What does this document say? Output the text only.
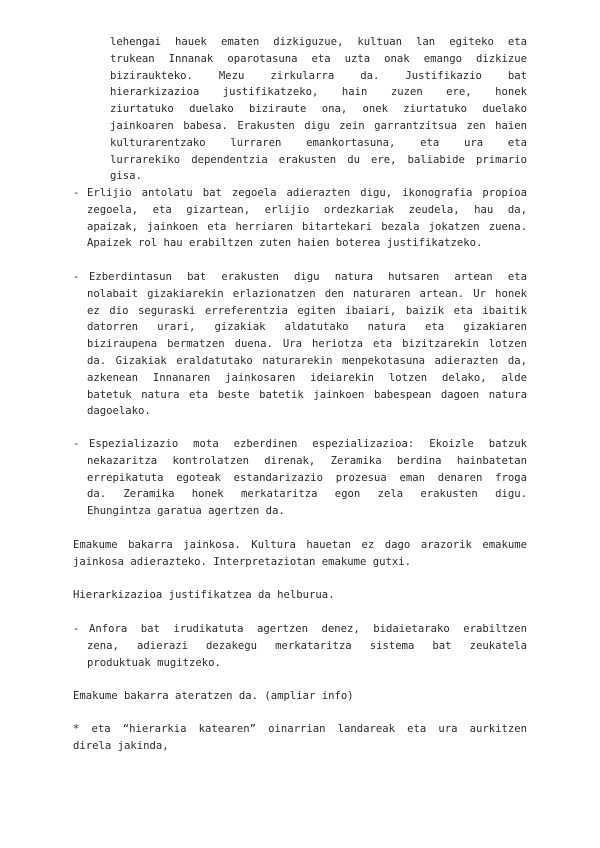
lehengai hauek ematen dizkiguzue, kultuan lan egiteko eta
trukean Innanak oparotasuna eta uzta onak emango dizkizue
biziraukteko. Mezu zirkularra da. Justifikazio bat
hierarkizazioa justifikatzeko, hain zuzen ere, honek
ziurtatuko duelako biziraute ona, onek ziurtatuko duelako
jainkoaren babesa. Erakusten digu zein garrantzitsua zen haien
kulturarentzako lurraren emankortasuna, eta ura eta
lurrarekiko dependentzia erakusten du ere, baliabide primario
gisa.
- Erlijio antolatu bat zegoela adierazten digu, ikonografia propioa
zegoela, eta gizartean, erlijio ordezkariak zeudela, hau da,
apaizak, jainkoen eta herriaren bitartekari bezala jokatzen zuena.
Apaizek rol hau erabiltzen zuten haien boterea justifikatzeko.
- Ezberdintasun bat erakusten digu natura hutsaren artean eta
nolabait gizakiarekin erlazionatzen den naturaren artean. Ur honek
ez dio seguraski erreferentzia egiten ibaiari, baizik eta ibaitik
datorren urari, gizakiak aldatutako natura eta gizakiaren
biziraupena bermatzen duena. Ura heriotza eta bizitzarekin lotzen
da. Gizakiak eraldatutako naturarekin menpekotasuna adierazten da,
azkenean Innanaren jainkosaren ideiarekin lotzen delako, alde
batetuk natura eta beste batetik jainkoen babespean dagoen natura
dagoelako.
- Espezializazio mota ezberdinen espezializazioa: Ekoizle batzuk
nekazaritza kontrolatzen direnak, Zeramika berdina hainbatetan
errepikatuta egoteak estandarizazio prozesua eman denaren froga
da. Zeramika honek merkataritza egon zela erakusten digu.
Ehungintza garatua agertzen da.
Emakume bakarra jainkosa. Kultura hauetan ez dago arazorik emakume
jainkosa adierazteko. Interpretaziotan emakume gutxi.
Hierarkizazioa justifikatzea da helburua.
- Anfora bat irudikatuta agertzen denez, bidaietarako erabiltzen
zena, adierazi dezakegu merkataritza sistema bat zeukatela
produktuak mugitzeko.
Emakume bakarra ateratzen da. (ampliar info)
* eta “hierarkia katearen” oinarrian landareak eta ura aurkitzen
direla jakinda,
